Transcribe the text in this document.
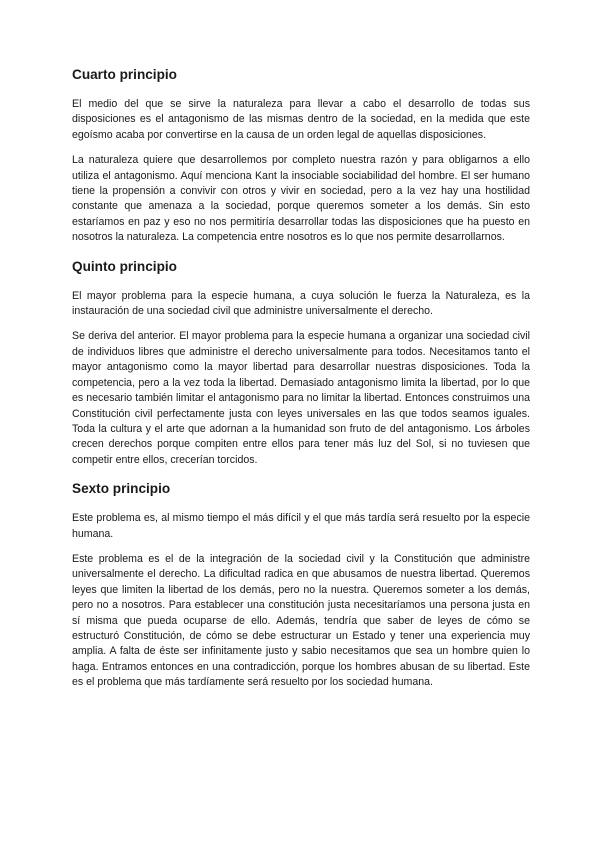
Cuarto principio

El medio del que se sirve la naturaleza para llevar a cabo el desarrollo de todas sus disposiciones es el antagonismo de las mismas dentro de la sociedad, en la medida que este egoísmo acaba por convertirse en la causa de un orden legal de aquellas disposiciones.

La naturaleza quiere que desarrollemos por completo nuestra razón y para obligarnos a ello utiliza el antagonismo. Aquí menciona Kant la insociable sociabilidad del hombre. El ser humano tiene la propensión a convivir con otros y vivir en sociedad, pero a la vez hay una hostilidad constante que amenaza a la sociedad, porque queremos someter a los demás. Sin esto estaríamos en paz y eso no nos permitiría desarrollar todas las disposiciones que ha puesto en nosotros la naturaleza. La competencia entre nosotros es lo que nos permite desarrollarnos.

Quinto principio

El mayor problema para la especie humana, a cuya solución le fuerza la Naturaleza, es la instauración de una sociedad civil que administre universalmente el derecho.

Se deriva del anterior. El mayor problema para la especie humana a organizar una sociedad civil de individuos libres que administre el derecho universalmente para todos. Necesitamos tanto el mayor antagonismo como la mayor libertad para desarrollar nuestras disposiciones. Toda la competencia, pero a la vez toda la libertad. Demasiado antagonismo limita la libertad, por lo que es necesario también limitar el antagonismo para no limitar la libertad. Entonces construimos una Constitución civil perfectamente justa con leyes universales en las que todos seamos iguales. Toda la cultura y el arte que adornan a la humanidad son fruto de del antagonismo. Los árboles crecen derechos porque compiten entre ellos para tener más luz del Sol, si no tuviesen que competir entre ellos, crecerían torcidos.

Sexto principio

Este problema es, al mismo tiempo el más difícil y el que más tardía será resuelto por la especie humana.

Este problema es el de la integración de la sociedad civil y la Constitución que administre universalmente el derecho. La dificultad radica en que abusamos de nuestra libertad. Queremos leyes que limiten la libertad de los demás, pero no la nuestra. Queremos someter a los demás, pero no a nosotros. Para establecer una constitución justa necesitaríamos una persona justa en sí misma que pueda ocuparse de ello. Además, tendría que saber de leyes de cómo se estructuró Constitución, de cómo se debe estructurar un Estado y tener una experiencia muy amplia. A falta de éste ser infinitamente justo y sabio necesitamos que sea un hombre quien lo haga. Entramos entonces en una contradicción, porque los hombres abusan de su libertad. Este es el problema que más tardíamente será resuelto por los sociedad humana.
